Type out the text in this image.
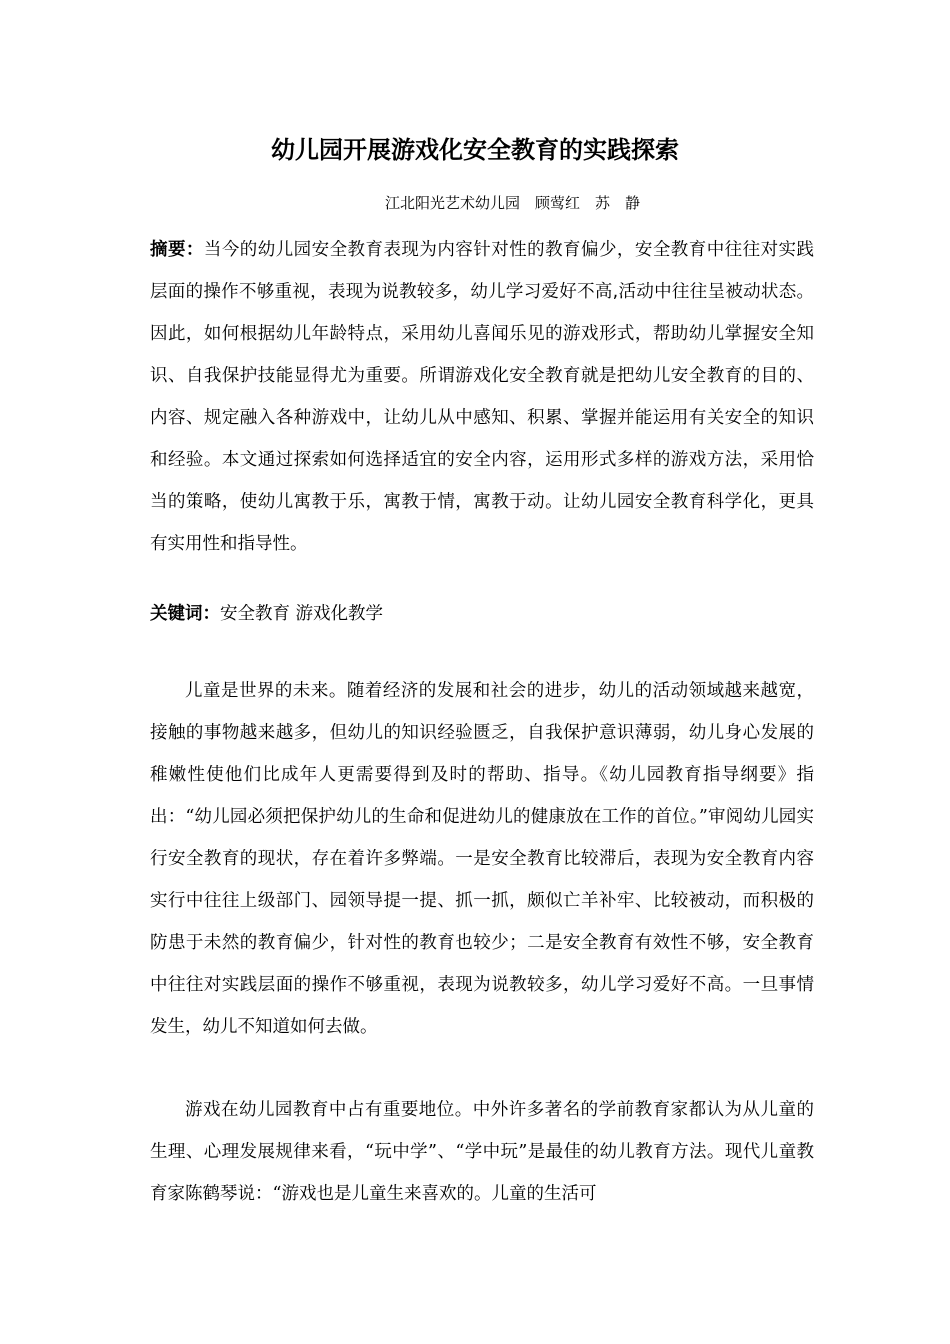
幼儿园开展游戏化安全教育的实践探索
江北阳光艺术幼儿园　顾莺红　苏　静

摘要：当今的幼儿园安全教育表现为内容针对性的教育偏少，安全教育中往往对实践层面的操作不够重视，表现为说教较多，幼儿学习爱好不高,活动中往往呈被动状态。因此，如何根据幼儿年龄特点，采用幼儿喜闻乐见的游戏形式，帮助幼儿掌握安全知识、自我保护技能显得尤为重要。所谓游戏化安全教育就是把幼儿安全教育的目的、内容、规定融入各种游戏中，让幼儿从中感知、积累、掌握并能运用有关安全的知识和经验。本文通过探索如何选择适宜的安全内容，运用形式多样的游戏方法，采用恰当的策略，使幼儿寓教于乐，寓教于情，寓教于动。让幼儿园安全教育科学化，更具有实用性和指导性。

关键词：安全教育 游戏化教学

儿童是世界的未来。随着经济的发展和社会的进步，幼儿的活动领域越来越宽，接触的事物越来越多，但幼儿的知识经验匮乏，自我保护意识薄弱，幼儿身心发展的稚嫩性使他们比成年人更需要得到及时的帮助、指导。《幼儿园教育指导纲要》指出：“幼儿园必须把保护幼儿的生命和促进幼儿的健康放在工作的首位。”审阅幼儿园实行安全教育的现状，存在着许多弊端。一是安全教育比较滞后，表现为安全教育内容实行中往往上级部门、园领导提一提、抓一抓，颇似亡羊补牢、比较被动，而积极的防患于未然的教育偏少，针对性的教育也较少；二是安全教育有效性不够，安全教育中往往对实践层面的操作不够重视，表现为说教较多，幼儿学习爱好不高。一旦事情发生，幼儿不知道如何去做。

游戏在幼儿园教育中占有重要地位。中外许多著名的学前教育家都认为从儿童的生理、心理发展规律来看，“玩中学”、“学中玩”是最佳的幼儿教育方法。现代儿童教育家陈鹤琴说：“游戏也是儿童生来喜欢的。儿童的生活可
